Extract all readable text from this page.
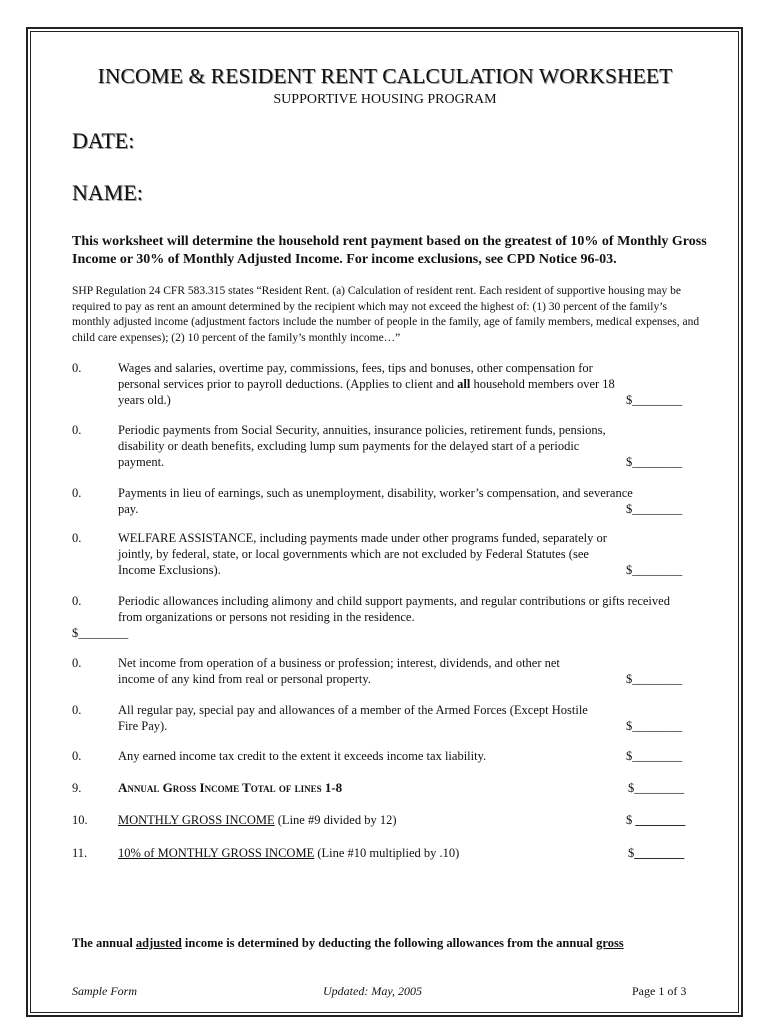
INCOME & RESIDENT RENT CALCULATION WORKSHEET
SUPPORTIVE HOUSING PROGRAM
DATE:
NAME:
This worksheet will determine the household rent payment based on the greatest of 10% of Monthly Gross Income or 30% of Monthly Adjusted Income. For income exclusions, see CPD Notice 96-03.
SHP Regulation 24 CFR 583.315 states “Resident Rent. (a) Calculation of resident rent. Each resident of supportive housing may be required to pay as rent an amount determined by the recipient which may not exceed the highest of: (1) 30 percent of the family’s monthly adjusted income (adjustment factors include the number of people in the family, age of family members, medical expenses, and child care expenses); (2) 10 percent of the family’s monthly income…”
0.	Wages and salaries, overtime pay, commissions, fees, tips and bonuses, other compensation for personal services prior to payroll deductions. (Applies to client and all household members over 18 years old.)	$________
0.	Periodic payments from Social Security, annuities, insurance policies, retirement funds, pensions, disability or death benefits, excluding lump sum payments for the delayed start of a periodic payment.	$________
0.	Payments in lieu of earnings, such as unemployment, disability, worker’s compensation, and severance pay.	$________
0.	WELFARE ASSISTANCE, including payments made under other programs funded, separately or jointly, by federal, state, or local governments which are not excluded by Federal Statutes (see Income Exclusions).	$________
0.	Periodic allowances including alimony and child support payments, and regular contributions or gifts received from organizations or persons not residing in the residence.
$________
0.	Net income from operation of a business or profession; interest, dividends, and other net income of any kind from real or personal property.	$________
0.	All regular pay, special pay and allowances of a member of the Armed Forces (Except Hostile Fire Pay).	$________
0.	Any earned income tax credit to the extent it exceeds income tax liability.	$________
9.	Annual Gross Income Total of lines 1-8	$________
10. MONTHLY GROSS INCOME (Line #9 divided by 12)	$ ________
11. 10% of MONTHLY GROSS INCOME (Line #10 multiplied by .10)	$________
The annual adjusted income is determined by deducting the following allowances from the annual gross
Sample Form	Updated: May, 2005	Page 1 of 3
